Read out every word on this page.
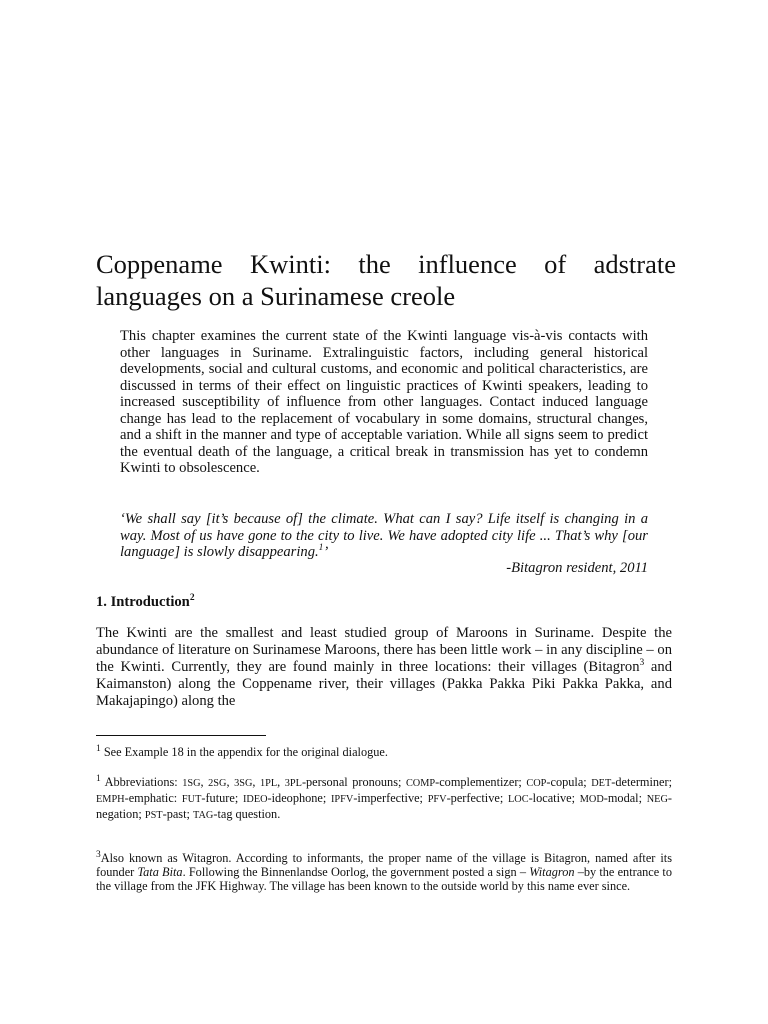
Coppename Kwinti: the influence of adstrate languages on a Surinamese creole

This chapter examines the current state of the Kwinti language vis-à-vis contacts with other languages in Suriname. Extralinguistic factors, including general historical developments, social and cultural customs, and economic and political characteristics, are discussed in terms of their effect on linguistic practices of Kwinti speakers, leading to increased susceptibility of influence from other languages. Contact induced language change has lead to the replacement of vocabulary in some domains, structural changes, and a shift in the manner and type of acceptable variation. While all signs seem to predict the eventual death of the language, a critical break in transmission has yet to condemn Kwinti to obsolescence.

‘We shall say [it’s because of] the climate. What can I say? Life itself is changing in a way. Most of us have gone to the city to live. We have adopted city life ... That’s why [our language] is slowly disappearing.$^1$’

-Bitagron resident, 2011

1. Introduction$^2$

The Kwinti are the smallest and least studied group of Maroons in Suriname. Despite the abundance of literature on Surinamese Maroons, there has been little work – in any discipline – on the Kwinti. Currently, they are found mainly in three locations: their villages (Bitagron$^3$ and Kaimanston) along the Coppename river, their villages (Pakka Pakka Piki Pakka Pakka, and Makajapingo) along the

$^1$ See Example 18 in the appendix for the original dialogue.

$^1$ Abbreviations: 1SG, 2SG, 3SG, 1PL, 3PL-personal pronouns; COMP-complementizer; COP-copula; DET-determiner; EMPH-emphatic: FUT-future; IDEO-ideophone; IPFV-imperfective; PFV-perfective; LOC-locative; MOD-modal; NEG-negation; PST-past; TAG-tag question.

$^3$Also known as Witagron. According to informants, the proper name of the village is Bitagron, named after its founder Tata Bita. Following the Binnenlandse Oorlog, the government posted a sign – Witagron –by the entrance to the village from the JFK Highway. The village has been known to the outside world by this name ever since.
